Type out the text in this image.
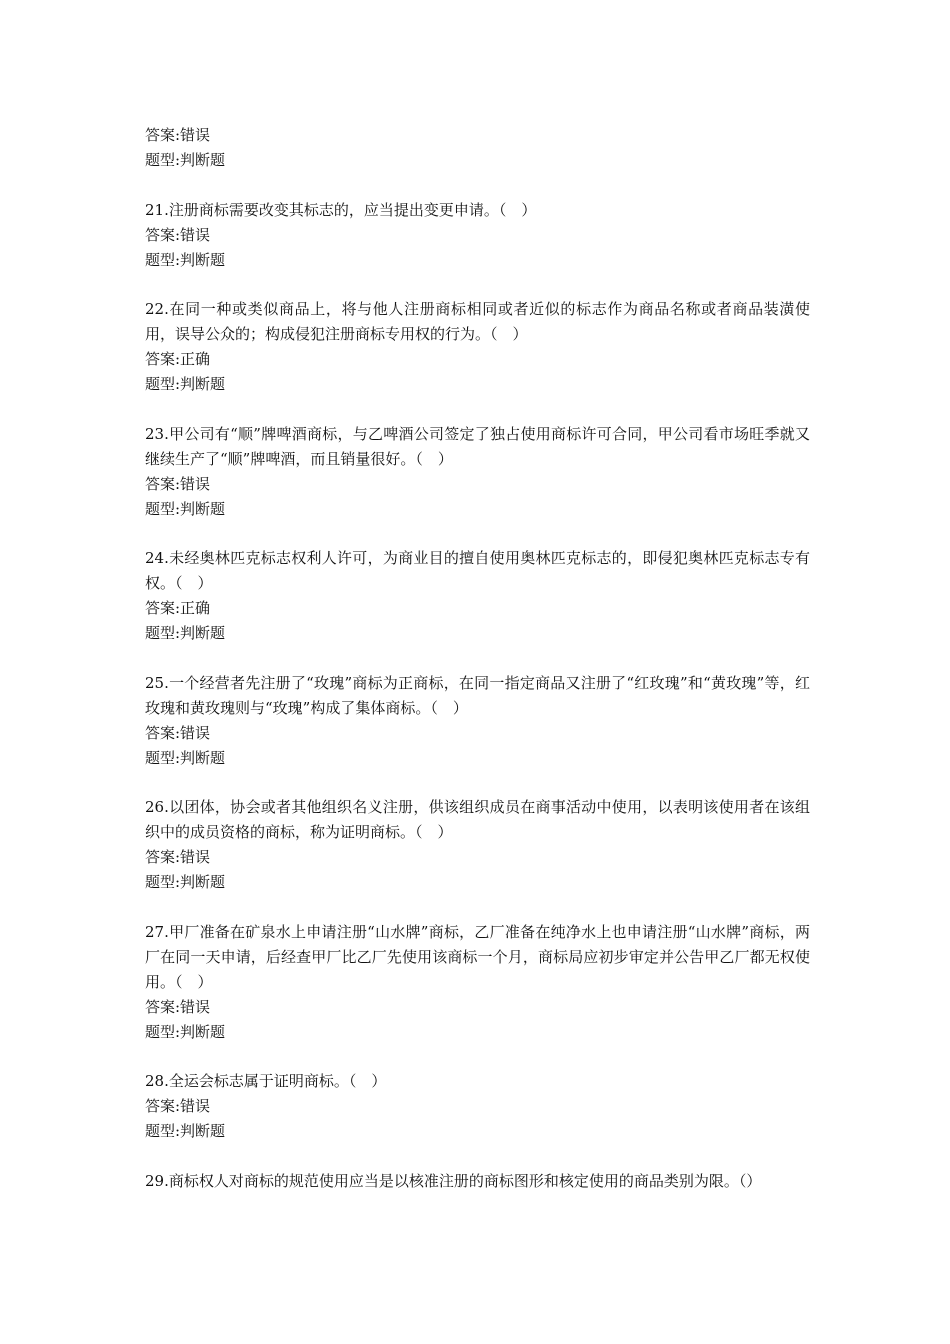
答案:错误
题型:判断题
21.注册商标需要改变其标志的，应当提出变更申请。（　）
答案:错误
题型:判断题
22.在同一种或类似商品上，将与他人注册商标相同或者近似的标志作为商品名称或者商品装潢使用，误导公众的；构成侵犯注册商标专用权的行为。（　）
答案:正确
题型:判断题
23.甲公司有“顺”牌啤酒商标，与乙啤酒公司签定了独占使用商标许可合同，甲公司看市场旺季就又继续生产了“顺”牌啤酒，而且销量很好。（　）
答案:错误
题型:判断题
24.未经奥林匹克标志权利人许可，为商业目的擅自使用奥林匹克标志的，即侵犯奥林匹克标志专有权。（　）
答案:正确
题型:判断题
25.一个经营者先注册了“玫瑰”商标为正商标，在同一指定商品又注册了“红玫瑰”和“黄玫瑰”等，红玫瑰和黄玫瑰则与“玫瑰”构成了集体商标。（　）
答案:错误
题型:判断题
26.以团体，协会或者其他组织名义注册，供该组织成员在商事活动中使用，以表明该使用者在该组织中的成员资格的商标，称为证明商标。（　）
答案:错误
题型:判断题
27.甲厂准备在矿泉水上申请注册“山水牌”商标，乙厂准备在纯净水上也申请注册“山水牌”商标，两厂在同一天申请，后经查甲厂比乙厂先使用该商标一个月，商标局应初步审定并公告甲乙厂都无权使用。（　）
答案:错误
题型:判断题
28.全运会标志属于证明商标。（　）
答案:错误
题型:判断题
29.商标权人对商标的规范使用应当是以核准注册的商标图形和核定使用的商品类别为限。（）
